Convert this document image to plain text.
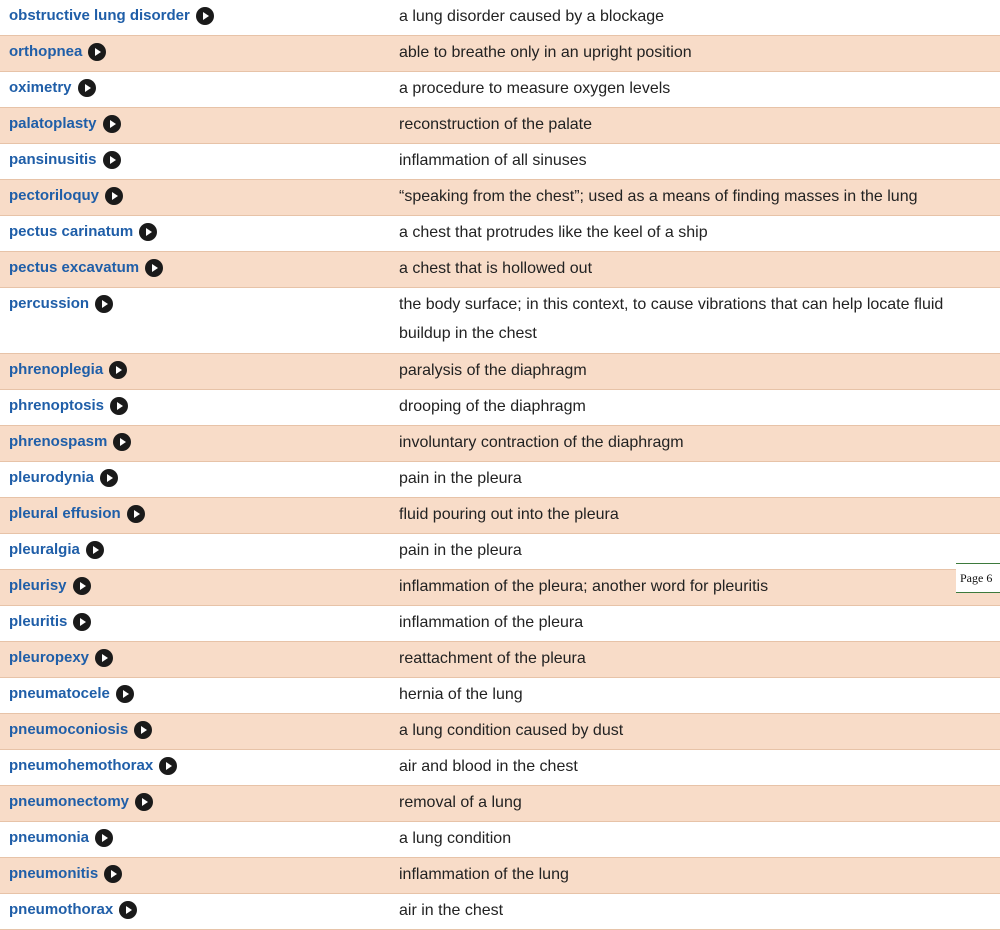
obstructive lung disorder	a lung disorder caused by a blockage
orthopnea	able to breathe only in an upright position
oximetry	a procedure to measure oxygen levels
palatoplasty	reconstruction of the palate
pansinusitis	inflammation of all sinuses
pectoriloquy	“speaking from the chest”; used as a means of finding masses in the lung
pectus carinatum	a chest that protrudes like the keel of a ship
pectus excavatum	a chest that is hollowed out
percussion	the body surface; in this context, to cause vibrations that can help locate fluid buildup in the chest
phrenoplegia	paralysis of the diaphragm
phrenoptosis	drooping of the diaphragm
phrenospasm	involuntary contraction of the diaphragm
pleurodynia	pain in the pleura
pleural effusion	fluid pouring out into the pleura
pleuralgia	pain in the pleura
pleurisy	inflammation of the pleura; another word for pleuritis
pleuritis	inflammation of the pleura
pleuropexy	reattachment of the pleura
pneumatocele	hernia of the lung
pneumoconiosis	a lung condition caused by dust
pneumohemothorax	air and blood in the chest
pneumonectomy	removal of a lung
pneumonia	a lung condition
pneumonitis	inflammation of the lung
pneumothorax	air in the chest
Page 6
